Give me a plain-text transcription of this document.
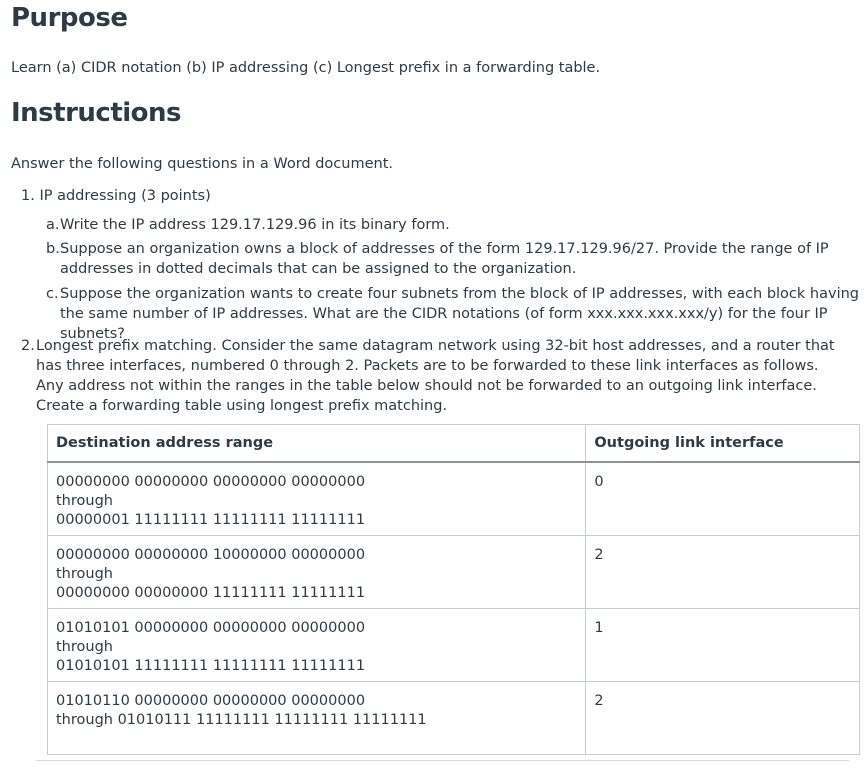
Purpose
Learn (a) CIDR notation (b) IP addressing (c) Longest prefix in a forwarding table.
Instructions
Answer the following questions in a Word document.
1. IP addressing (3 points)
a. Write the IP address 129.17.129.96 in its binary form.
b. Suppose an organization owns a block of addresses of the form 129.17.129.96/27. Provide the range of IP addresses in dotted decimals that can be assigned to the organization.
c. Suppose the organization wants to create four subnets from the block of IP addresses, with each block having the same number of IP addresses. What are the CIDR notations (of form xxx.xxx.xxx.xxx/y) for the four IP subnets?
2. Longest prefix matching. Consider the same datagram network using 32-bit host addresses, and a router that has three interfaces, numbered 0 through 2. Packets are to be forwarded to these link interfaces as follows. Any address not within the ranges in the table below should not be forwarded to an outgoing link interface. Create a forwarding table using longest prefix matching.
Destination address range	Outgoing link interface

00000000 00000000 00000000 00000000
through
00000001 11111111 11111111 11111111	0

00000000 00000000 10000000 00000000
through
00000000 00000000 11111111 11111111	2

01010101 00000000 00000000 00000000
through
01010101 11111111 11111111 11111111	1

01010110 00000000 00000000 00000000
through 01010111 11111111 11111111 11111111	2
